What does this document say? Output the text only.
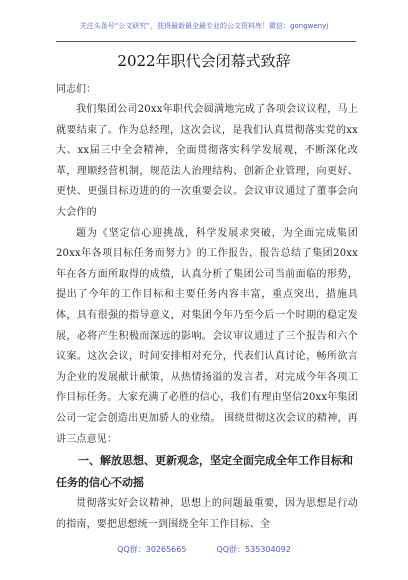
关注头条号“公文研究”，获得最新最全最专业的公文资料库！微信：gongwenyj
2022年职代会闭幕式致辞
同志们：

我们集团公司20xx年职代会圆满地完成了各项会议议程，马上就要结束了。作为总经理，这次会议，是我们认真贯彻落实党的xx大、xx届三中全会精神，全面贯彻落实科学发展观，不断深化改革，理顺经营机制，规范法人治理结构、创新企业管理，向更好、更快、更强目标迈进的的一次重要会议。会议审议通过了董事会向大会作的

题为《坚定信心迎挑战，科学发展求突破，为全面完成集团20xx年各项目标任务而努力》的工作报告，报告总结了集团20xx年在各方面所取得的成绩，认真分析了集团公司当前面临的形势，提出了今年的工作目标和主要任务内容丰富，重点突出，措施具体，具有很强的指导意义，对集团今年乃至今后一个时期的稳定发展，必将产生积极而深远的影响。会议审议通过了三个报告和六个议案。这次会议，时间安排相对充分，代表们认真讨论，畅所欲言为企业的发展献计献策，从热情扬溢的发言者，对完成今年各项工作目标任务。大家充满了必胜的信心，我们有理由坚信20xx年集团公司一定会创造出更加骄人的业绩。 围绕贯彻这次会议的精神，再讲三点意见：

一、解放思想、更新观念，坚定全面完成全年工作目标和任务的信心不动摇

贯彻落实好会议精神，思想上的问题最重要，因为思想是行动的指南，要把思想统一到围绕全年工作目标、全

QQ群：30265665	QQ群：535304092
